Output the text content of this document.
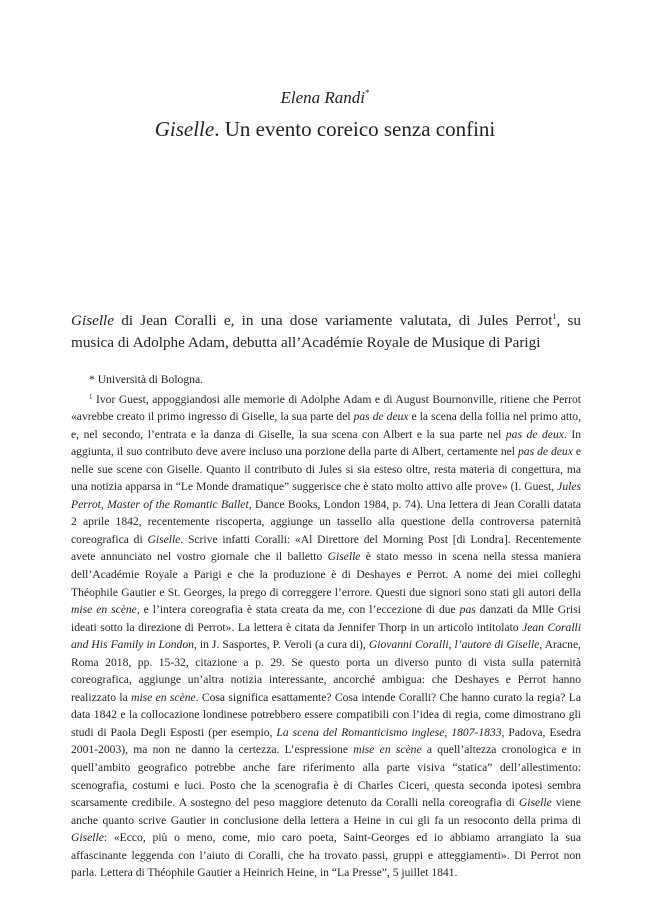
Elena Randi*
Giselle. Un evento coreico senza confini
Giselle di Jean Coralli e, in una dose variamente valutata, di Jules Perrot$^1$, su musica di Adolphe Adam, debutta all’Académie Royale de Musique di Parigi

* Università di Bologna.

$^1$ Ivor Guest, appoggiandosi alle memorie di Adolphe Adam e di August Bournonville, ritiene che Perrot «avrebbe creato il primo ingresso di Giselle, la sua parte del pas de deux e la scena della follia nel primo atto, e, nel secondo, l’entrata e la danza di Giselle, la sua scena con Albert e la sua parte nel pas de deux. In aggiunta, il suo contributo deve avere incluso una porzione della parte di Albert, certamente nel pas de deux e nelle sue scene con Giselle. Quanto il contributo di Jules si sia esteso oltre, resta materia di congettura, ma una notizia apparsa in “Le Monde dramatique” suggerisce che è stato molto attivo alle prove» (I. Guest, Jules Perrot, Master of the Romantic Ballet, Dance Books, London 1984, p. 74). Una lettera di Jean Coralli datata 2 aprile 1842, recentemente riscoperta, aggiunge un tassello alla questione della controversa paternità coreografica di Giselle. Scrive infatti Coralli: «Al Direttore del Morning Post [di Londra]. Recentemente avete annunciato nel vostro giornale che il balletto Giselle è stato messo in scena nella stessa maniera dell’Académie Royale a Parigi e che la produzione è di Deshayes e Perrot. A nome dei miei colleghi Théophile Gautier e St. Georges, la prego di correggere l’errore. Questi due signori sono stati gli autori della mise en scène, e l’intera coreografia è stata creata da me, con l’eccezione di due pas danzati da Mlle Grisi ideati sotto la direzione di Perrot». La lettera è citata da Jennifer Thorp in un articolo intitolato Jean Coralli and His Family in London, in J. Sasportes, P. Veroli (a cura di), Giovanni Coralli, l’autore di Giselle, Aracne, Roma 2018, pp. 15-32, citazione a p. 29. Se questo porta un diverso punto di vista sulla paternità coreografica, aggiunge un’altra notizia interessante, ancorché ambigua: che Deshayes e Perrot hanno realizzato la mise en scène. Cosa significa esattamente? Cosa intende Coralli? Che hanno curato la regia? La data 1842 e la collocazione londinese potrebbero essere compatibili con l’idea di regia, come dimostrano gli studi di Paola Degli Esposti (per esempio, La scena del Romanticismo inglese, 1807-1833, Padova, Esedra 2001-2003), ma non ne danno la certezza. L’espressione mise en scène a quell’altezza cronologica e in quell’ambito geografico potrebbe anche fare riferimento alla parte visiva “statica” dell’allestimento: scenografia, costumi e luci. Posto che la scenografia è di Charles Ciceri, questa seconda ipotesi sembra scarsamente credibile. A sostegno del peso maggiore detenuto da Coralli nella coreografia di Giselle viene anche quanto scrive Gautier in conclusione della lettera a Heine in cui gli fa un resoconto della prima di Giselle: «Ecco, più o meno, come, mio caro poeta, Saint-Georges ed io abbiamo arrangiato la sua affascinante leggenda con l’aiuto di Coralli, che ha trovato passi, gruppi e atteggiamenti». Di Perrot non parla. Lettera di Théophile Gautier a Heinrich Heine, in “La Presse”, 5 juillet 1841.
